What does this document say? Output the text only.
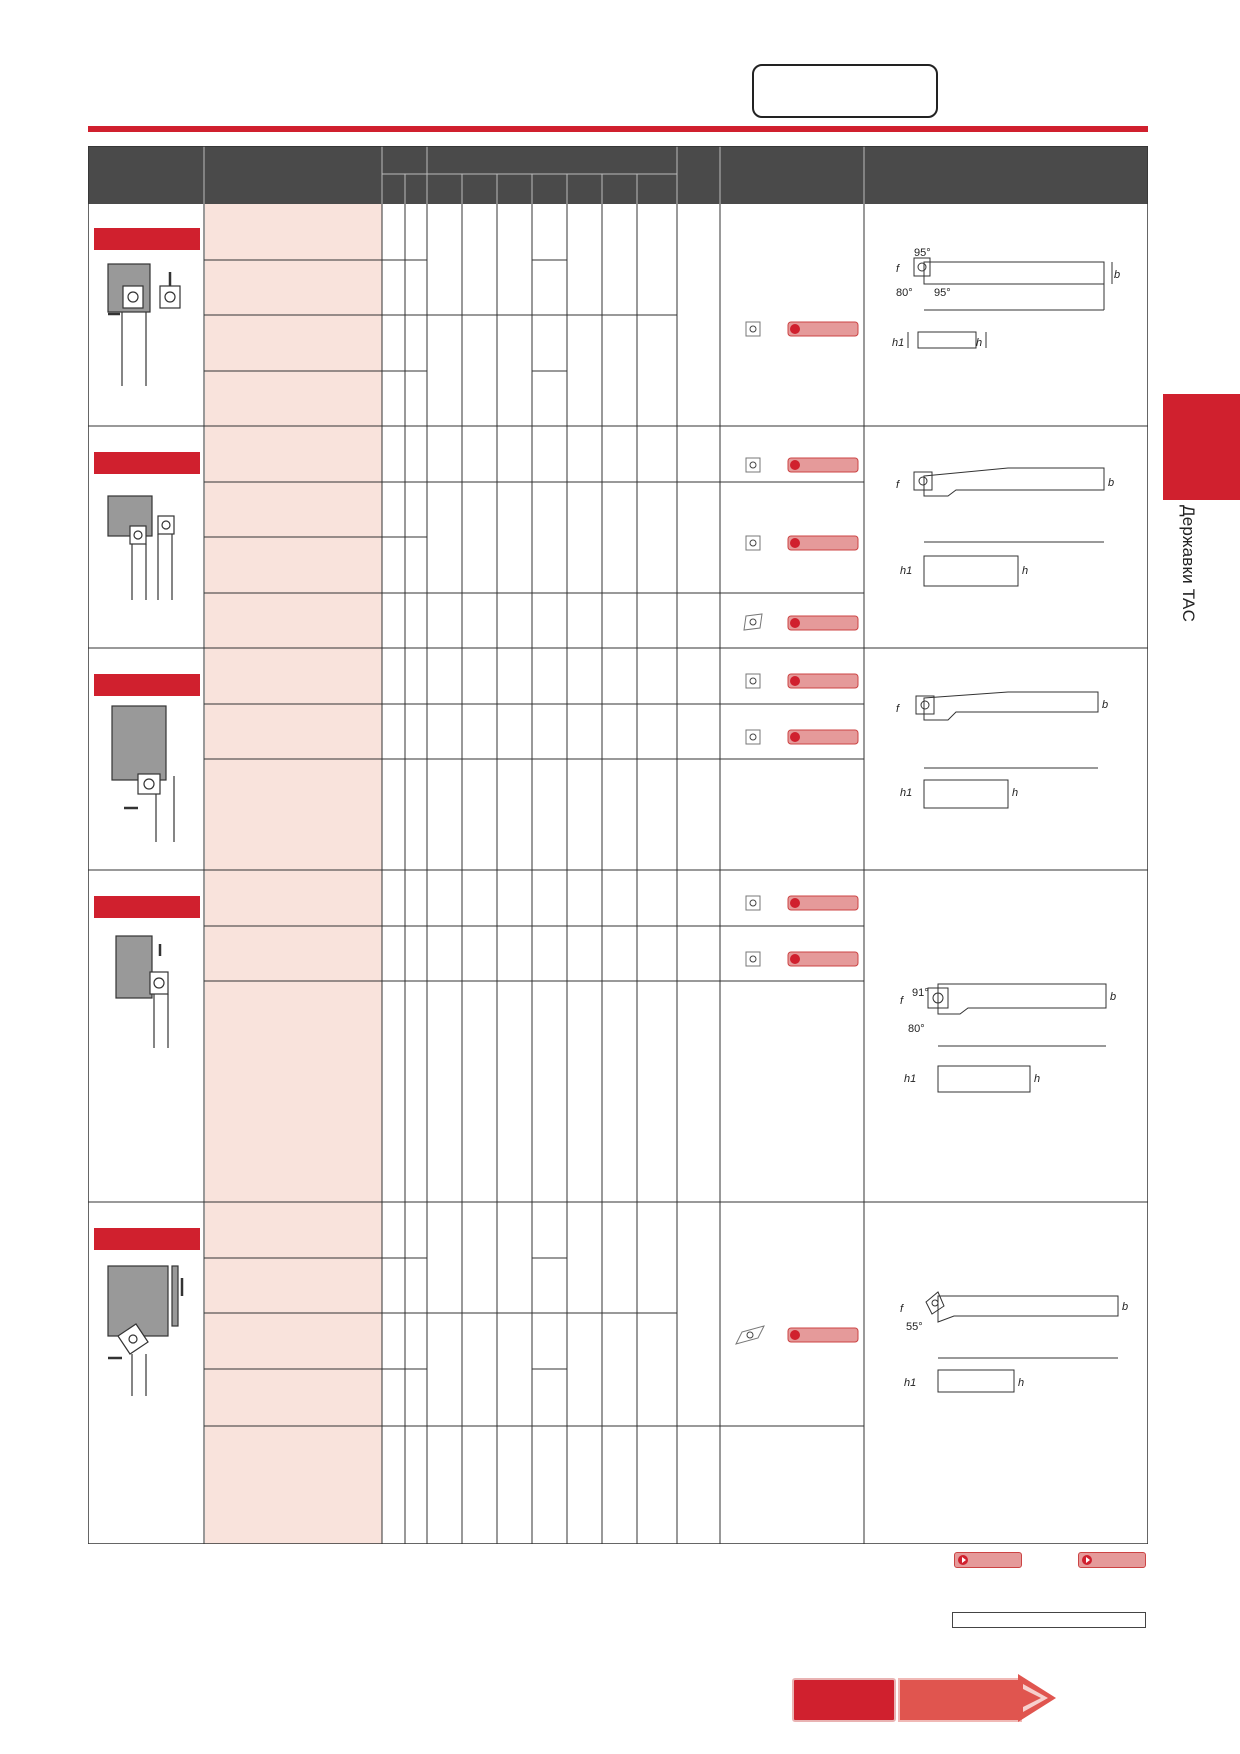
Державки TAC
b
f
h1	h
95°
95°
80°
b
f
h1	h
b
f
h1	h
b
f
h1	h
91°
80°
b
f
h1	h
55°
